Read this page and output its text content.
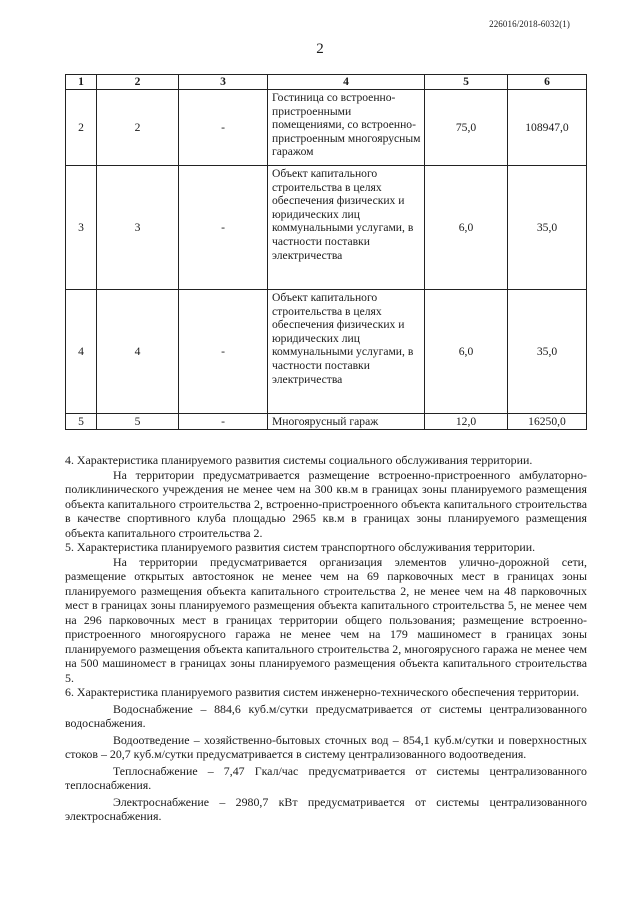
226016/2018-6032(1)
2
1	2	3	4	5	6
2	2	-	Гостиница со встроенно-пристроенными помещениями, со встроенно-пристроенным многоярусным гаражом	75,0	108947,0
3	3	-	Объект капитального строительства в целях обеспечения физических и юридических лиц коммунальными услугами, в частности поставки электричества	6,0	35,0
4	4	-	Объект капитального строительства в целях обеспечения физических и юридических лиц коммунальными услугами, в частности поставки электричества	6,0	35,0
5	5	-	Многоярусный гараж	12,0	16250,0

4. Характеристика планируемого развития системы социального обслуживания территории.

На территории предусматривается размещение встроенно-пристроенного амбулаторно-поликлинического учреждения не менее чем на 300 кв.м в границах зоны планируемого размещения объекта капитального строительства 2, встроенно-пристроенного объекта капитального строительства в качестве спортивного клуба площадью 2965 кв.м в границах зоны планируемого размещения объекта капитального строительства 2.

5. Характеристика планируемого развития систем транспортного обслуживания территории.

На территории предусматривается организация элементов улично-дорожной сети, размещение открытых автостоянок не менее чем на 69 парковочных мест в границах зоны планируемого размещения объекта капитального строительства 2, не менее чем на 48 парковочных мест в границах зоны планируемого размещения объекта капитального строительства 5, не менее чем на 296 парковочных мест в границах территории общего пользования; размещение встроенно-пристроенного многоярусного гаража не менее чем на 179 машиномест в границах зоны планируемого размещения объекта капитального строительства 2, многоярусного гаража не менее чем на 500 машиномест в границах зоны планируемого размещения объекта капитального строительства 5.

6. Характеристика планируемого развития систем инженерно-технического обеспечения территории.

Водоснабжение – 884,6 куб.м/сутки предусматривается от системы централизованного водоснабжения.

Водоотведение – хозяйственно-бытовых сточных вод – 854,1 куб.м/сутки и поверхностных стоков – 20,7 куб.м/сутки предусматривается в систему централизованного водоотведения.

Теплоснабжение – 7,47 Гкал/час предусматривается от системы централизованного теплоснабжения.

Электроснабжение – 2980,7 кВт предусматривается от системы централизованного электроснабжения.
